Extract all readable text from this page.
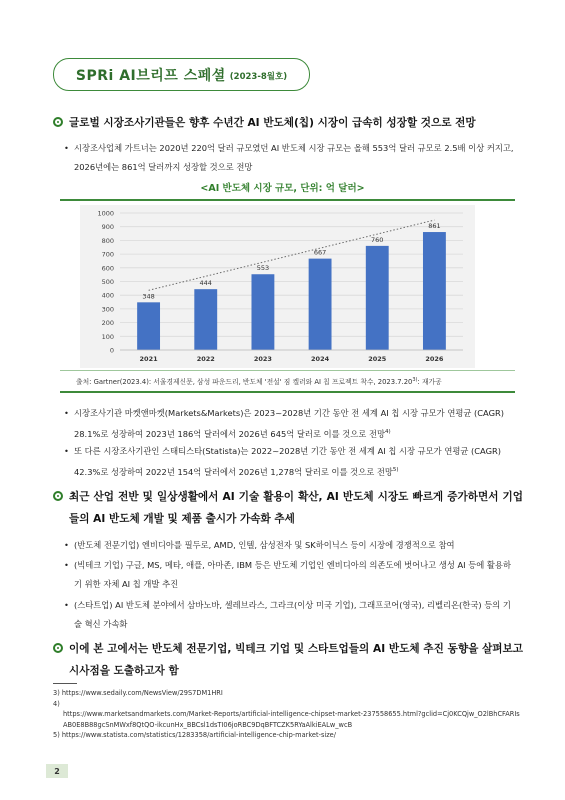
SPRi AI브리프 스페셜 (2023-8월호)
글로벌 시장조사기관들은 향후 수년간 AI 반도체(칩) 시장이 급속히 성장할 것으로 전망
• 시장조사업체 가트너는 2020년 220억 달러 규모였던 AI 반도체 시장 규모는 올해 553억 달러 규모로 2.5배 이상 커지고, 2026년에는 861억 달러까지 성장할 것으로 전망
<AI 반도체 시장 규모, 단위: 억 달러>
0
100
200
300
400
500
600
700
800
900
1000
348
2021
444
2022
553
2023
667
2024
760
2025
861
2026
출처: Gartner(2023.4): 서울경제신문, 삼성 파운드리, 반도체 '전설' 짐 켈러와 AI 칩 프로젝트 착수, 2023.7.20$^{3)}$: 재가공
• 시장조사기관 마켓앤마켓(Markets&Markets)은 2023~2028년 기간 동안 전 세계 AI 칩 시장 규모가 연평균 (CAGR) 28.1%로 성장하여 2023년 186억 달러에서 2026년 645억 달러로 이를 것으로 전망$^{4)}$
• 또 다른 시장조사기관인 스태티스타(Statista)는 2022~2028년 기간 동안 전 세계 AI 칩 시장 규모가 연평균 (CAGR) 42.3%로 성장하여 2022년 154억 달러에서 2026년 1,278억 달러로 이를 것으로 전망$^{5)}$
최근 산업 전반 및 일상생활에서 AI 기술 활용이 확산, AI 반도체 시장도 빠르게 증가하면서 기업들의 AI 반도체 개발 및 제품 출시가 가속화 추세
• (반도체 전문기업) 엔비디아를 필두로, AMD, 인텔, 삼성전자 및 SK하이닉스 등이 시장에 경쟁적으로 참여
• (빅테크 기업) 구글, MS, 메타, 애플, 아마존, IBM 등은 반도체 기업인 엔비디아의 의존도에 벗어나고 생성 AI 등에 활용하기 위한 자체 AI 칩 개발 추진
• (스타트업) AI 반도체 분야에서 삼바노바, 셀레브라스, 그라크(이상 미국 기업), 그래프코어(영국), 리벨리온(한국) 등의 기술 혁신 가속화
이에 본 고에서는 반도체 전문기업, 빅테크 기업 및 스타트업들의 AI 반도체 추진 동향을 살펴보고 시사점을 도출하고자 함
3) https://www.sedaily.com/NewsView/29S7DM1HRI
4)
https://www.marketsandmarkets.com/Market-Reports/artificial-intelligence-chipset-market-237558655.html?gclid=Cj0KCQjw_O2lBhCFARIsAB0E8B88gcSnMWxf8QtQO-ikcunHx_BBCsl1dsTI06joRBC9DqBFTCZK5RYaAlkiEALw_wcB
5) https://www.statista.com/statistics/1283358/artificial-intelligence-chip-market-size/
2
